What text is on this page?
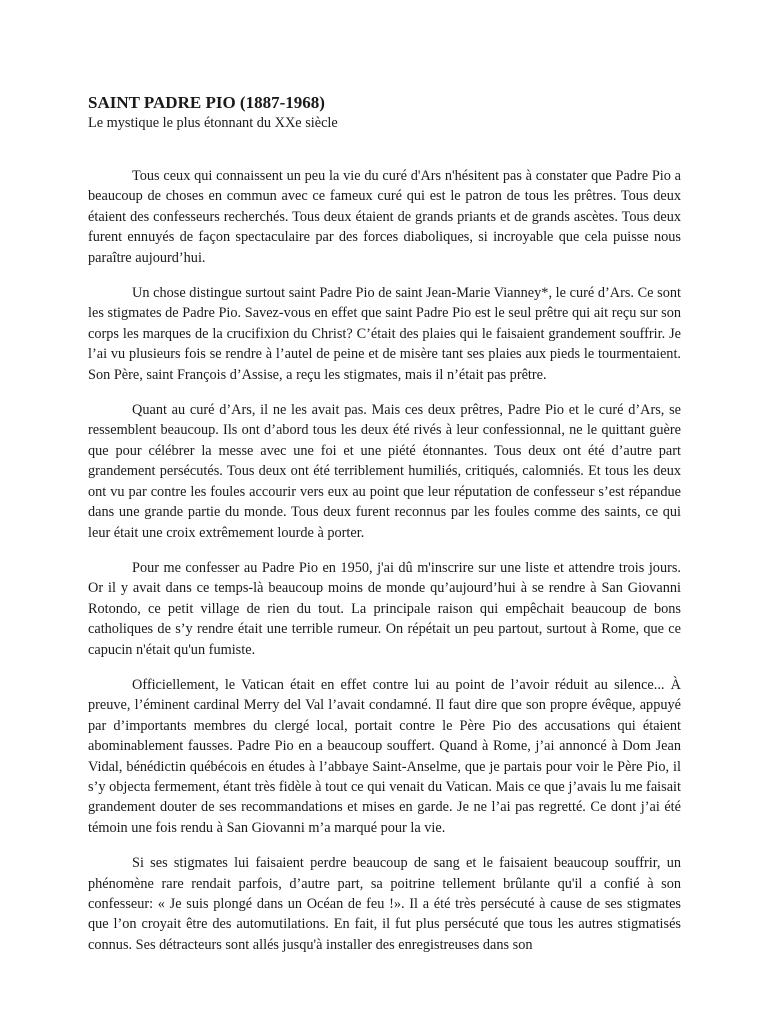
SAINT PADRE PIO (1887-1968)

Le mystique le plus étonnant du XXe siècle

Tous ceux qui connaissent un peu la vie du curé d'Ars n'hésitent pas à constater que Padre Pio a beaucoup de choses en commun avec ce fameux curé qui est le patron de tous les prêtres. Tous deux étaient des confesseurs recherchés. Tous deux étaient de grands priants et de grands ascètes. Tous deux furent ennuyés de façon spectaculaire par des forces diaboliques, si incroyable que cela puisse nous paraître aujourd’hui.

Un chose distingue surtout saint Padre Pio de saint Jean-Marie Vianney*, le curé d’Ars. Ce sont les stigmates de Padre Pio. Savez-vous en effet que saint Padre Pio est le seul prêtre qui ait reçu sur son corps les marques de la crucifixion du Christ? C’était des plaies qui le faisaient grandement souffrir. Je l’ai vu plusieurs fois se rendre à l’autel de peine et de misère tant ses plaies aux pieds le tourmentaient. Son Père, saint François d’Assise, a reçu les stigmates, mais il n’était pas prêtre.

Quant au curé d’Ars, il ne les avait pas. Mais ces deux prêtres, Padre Pio et le curé d’Ars, se ressemblent beaucoup. Ils ont d’abord tous les deux été rivés à leur confessionnal, ne le quittant guère que pour célébrer la messe avec une foi et une piété étonnantes. Tous deux ont été d’autre part grandement persécutés. Tous deux ont été terriblement humiliés, critiqués, calomniés. Et tous les deux ont vu par contre les foules accourir vers eux au point que leur réputation de confesseur s’est répandue dans une grande partie du monde. Tous deux furent reconnus par les foules comme des saints, ce qui leur était une croix extrêmement lourde à porter.

Pour me confesser au Padre Pio en 1950, j'ai dû m'inscrire sur une liste et attendre trois jours. Or il y avait dans ce temps-là beaucoup moins de monde qu’aujourd’hui à se rendre à San Giovanni Rotondo, ce petit village de rien du tout. La principale raison qui empêchait beaucoup de bons catholiques de s’y rendre était une terrible rumeur. On répétait un peu partout, surtout à Rome, que ce capucin n'était qu'un fumiste.

Officiellement, le Vatican était en effet contre lui au point de l’avoir réduit au silence... À preuve, l’éminent cardinal Merry del Val l’avait condamné. Il faut dire que son propre évêque, appuyé par d’importants membres du clergé local, portait contre le Père Pio des accusations qui étaient abominablement fausses. Padre Pio en a beaucoup souffert. Quand à Rome, j’ai annoncé à Dom Jean Vidal, bénédictin québécois en études à l’abbaye Saint-Anselme, que je partais pour voir le Père Pio, il s’y objecta fermement, étant très fidèle à tout ce qui venait du Vatican. Mais ce que j’avais lu me faisait grandement douter de ses recommandations et mises en garde. Je ne l’ai pas regretté. Ce dont j’ai été témoin une fois rendu à San Giovanni m’a marqué pour la vie.

Si ses stigmates lui faisaient perdre beaucoup de sang et le faisaient beaucoup souffrir, un phénomène rare rendait parfois, d’autre part, sa poitrine tellement brûlante qu'il a confié à son confesseur: « Je suis plongé dans un Océan de feu !». Il a été très persécuté à cause de ses stigmates que l’on croyait être des automutilations. En fait, il fut plus persécuté que tous les autres stigmatisés connus. Ses détracteurs sont allés jusqu'à installer des enregistreuses dans son
